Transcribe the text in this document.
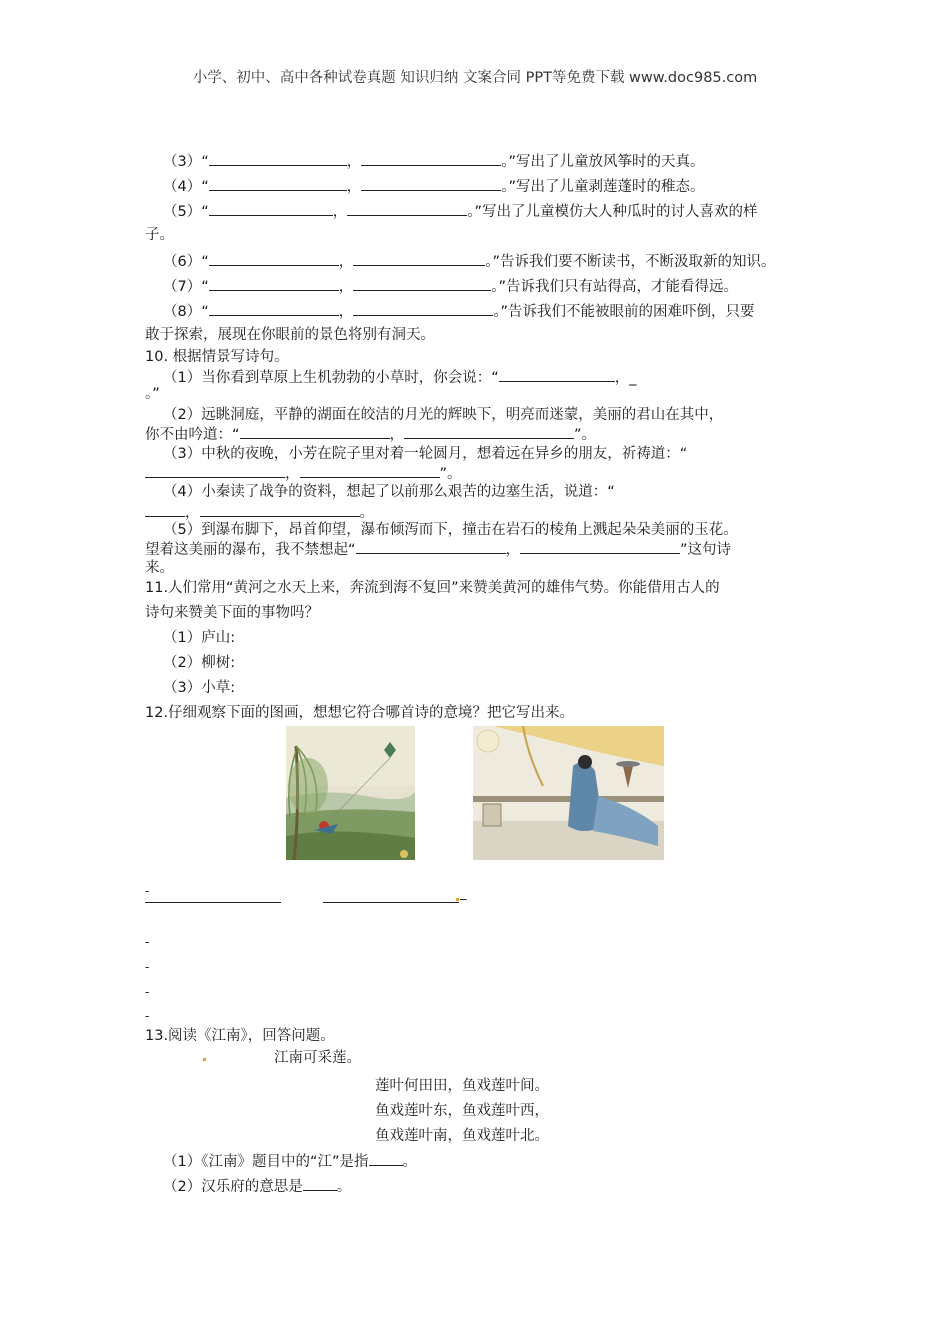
小学、初中、高中各种试卷真题 知识归纳 文案合同 PPT等免费下载 www.doc985.com
（3）“	，	。”写出了儿童放风筝时的天真。
（4）“	，	。”写出了儿童剥莲蓬时的稚态。
（5）“	，	。”写出了儿童模仿大人种瓜时的讨人喜欢的样
子。
（6）“	，	。”告诉我们要不断读书，不断汲取新的知识。
（7）“	，	。”告诉我们只有站得高，才能看得远。
（8）“	，	。”告诉我们不能被眼前的困难吓倒，只要
敢于探索，展现在你眼前的景色将别有洞天。
10. 根据情景写诗句。
（1）当你看到草原上生机勃勃的小草时，你会说：“	，_
。”
（2）远眺洞庭，平静的湖面在皎洁的月光的辉映下，明亮而迷蒙，美丽的君山在其中，
你不由吟道：“	，	”。
（3）中秋的夜晚，小芳在院子里对着一轮圆月，想着远在异乡的朋友，祈祷道：“
，	”。
（4）小秦读了战争的资料，想起了以前那么艰苦的边塞生活，说道：“
，	。
（5）到瀑布脚下，昂首仰望，瀑布倾泻而下，撞击在岩石的棱角上溅起朵朵美丽的玉花。
望着这美丽的瀑布，我不禁想起“	，	”这句诗
来。
11.人们常用“黄河之水天上来，奔流到海不复回”来赞美黄河的雄伟气势。你能借用古人的
诗句来赞美下面的事物吗？
（1）庐山:
（2）柳树:
（3）小草:
12.仔细观察下面的图画，想想它符合哪首诗的意境？把它写出来。
-	_
-
-
-
-
13.阅读《江南》，回答问题。
江南可采莲。
莲叶何田田，鱼戏莲叶间。
鱼戏莲叶东，鱼戏莲叶西，
鱼戏莲叶南，鱼戏莲叶北。
（1）《江南》题目中的“江”是指 。
（2）汉乐府的意思是 。
